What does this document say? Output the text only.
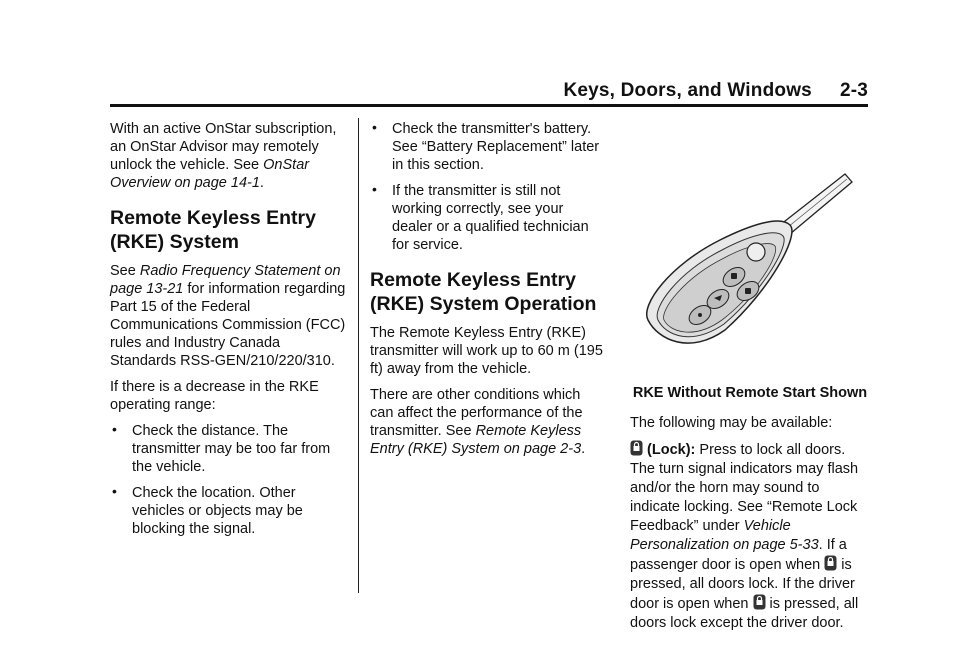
Keys, Doors, and Windows 2-3

With an active OnStar subscription, an OnStar Advisor may remotely unlock the vehicle. See OnStar Overview on page 14-1.

Remote Keyless Entry (RKE) System

See Radio Frequency Statement on page 13-21 for information regarding Part 15 of the Federal Communications Commission (FCC) rules and Industry Canada Standards RSS-GEN/210/220/310.

If there is a decrease in the RKE operating range:

• Check the distance. The transmitter may be too far from the vehicle.
• Check the location. Other vehicles or objects may be blocking the signal.
• Check the transmitter's battery. See “Battery Replacement” later in this section.
• If the transmitter is still not working correctly, see your dealer or a qualified technician for service.
Remote Keyless Entry (RKE) System Operation

The Remote Keyless Entry (RKE) transmitter will work up to 60 m (195 ft) away from the vehicle.

There are other conditions which can affect the performance of the transmitter. See Remote Keyless Entry (RKE) System on page 2-3.

RKE Without Remote Start Shown

The following may be available:

(Lock): Press to lock all doors. The turn signal indicators may flash and/or the horn may sound to indicate locking. See “Remote Lock Feedback” under Vehicle Personalization on page 5-33. If a passenger door is open when  is pressed, all doors lock. If the driver door is open when  is pressed, all doors lock except the driver door.
